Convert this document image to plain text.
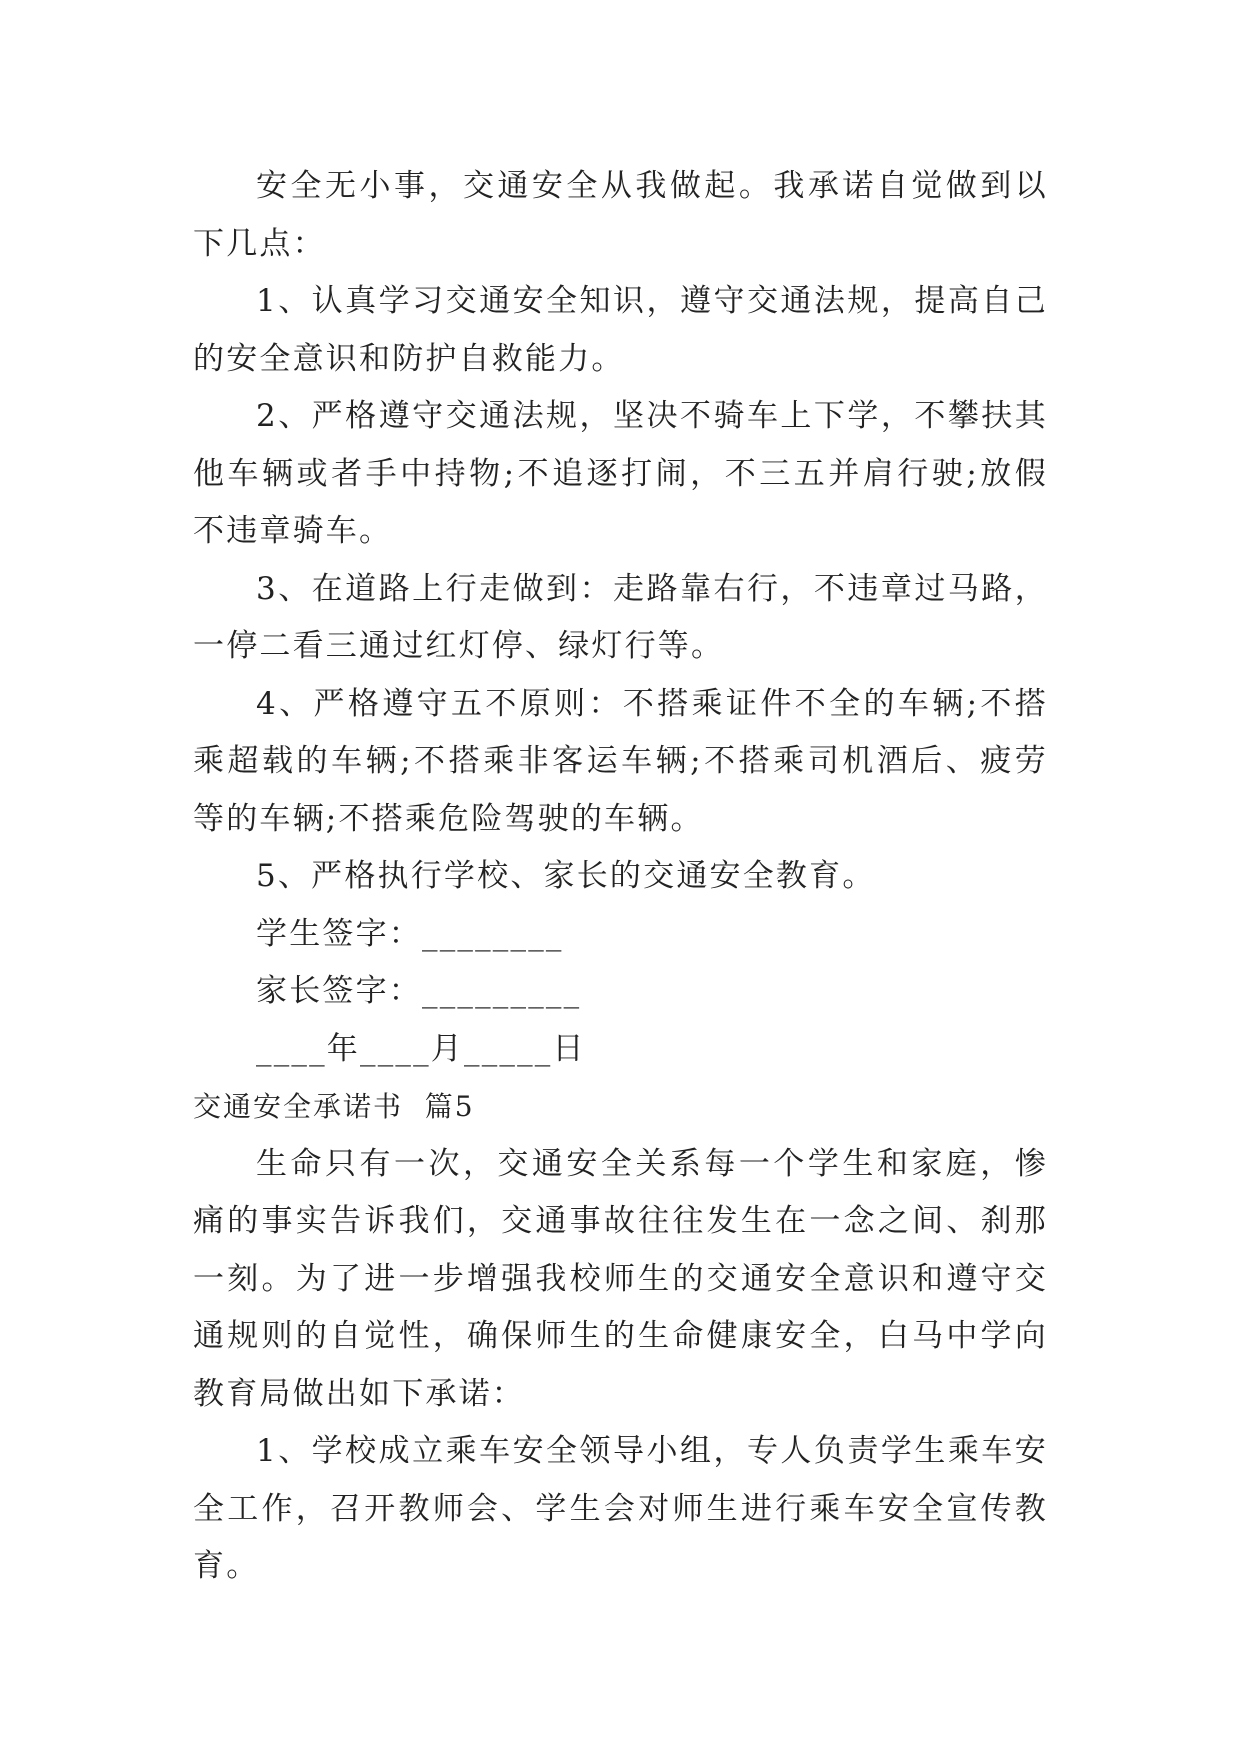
安全无小事，交通安全从我做起。我承诺自觉做到以下几点：

1、认真学习交通安全知识，遵守交通法规，提高自己的安全意识和防护自救能力。

2、严格遵守交通法规，坚决不骑车上下学，不攀扶其他车辆或者手中持物;不追逐打闹，不三五并肩行驶;放假不违章骑车。

3、在道路上行走做到：走路靠右行，不违章过马路，一停二看三通过红灯停、绿灯行等。

4、严格遵守五不原则：不搭乘证件不全的车辆;不搭乘超载的车辆;不搭乘非客运车辆;不搭乘司机酒后、疲劳等的车辆;不搭乘危险驾驶的车辆。

5、严格执行学校、家长的交通安全教育。

学生签字：________

家长签字：_________

____年____月_____日

交通安全承诺书  篇5

生命只有一次，交通安全关系每一个学生和家庭，惨痛的事实告诉我们，交通事故往往发生在一念之间、刹那一刻。为了进一步增强我校师生的交通安全意识和遵守交通规则的自觉性，确保师生的生命健康安全，白马中学向教育局做出如下承诺：

1、学校成立乘车安全领导小组，专人负责学生乘车安全工作，召开教师会、学生会对师生进行乘车安全宣传教育。
